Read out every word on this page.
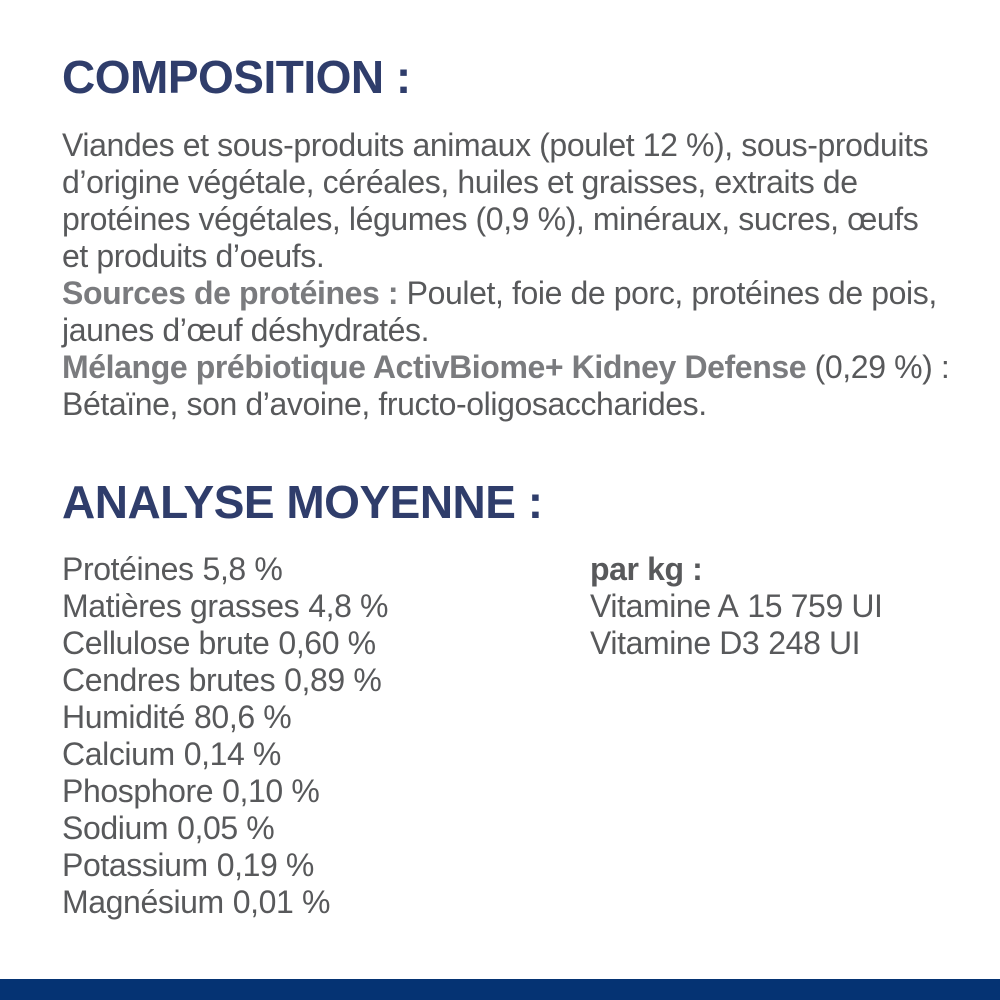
COMPOSITION :

Viandes et sous-produits animaux (poulet 12 %), sous-produits d’origine végétale, céréales, huiles et graisses, extraits de protéines végétales, légumes (0,9 %), minéraux, sucres, œufs et produits d’oeufs.

Sources de protéines : Poulet, foie de porc, protéines de pois, jaunes d’œuf déshydratés.

Mélange prébiotique ActivBiome+ Kidney Defense (0,29 %) : Bétaïne, son d’avoine, fructo-oligosaccharides.

ANALYSE MOYENNE :
Protéines 5,8 %
Matières grasses 4,8 %
Cellulose brute 0,60 %
Cendres brutes 0,89 %
Humidité 80,6 %
Calcium 0,14 %
Phosphore 0,10 %
Sodium 0,05 %
Potassium 0,19 %
Magnésium 0,01 %
par kg :
Vitamine A 15 759 UI
Vitamine D3 248 UI
